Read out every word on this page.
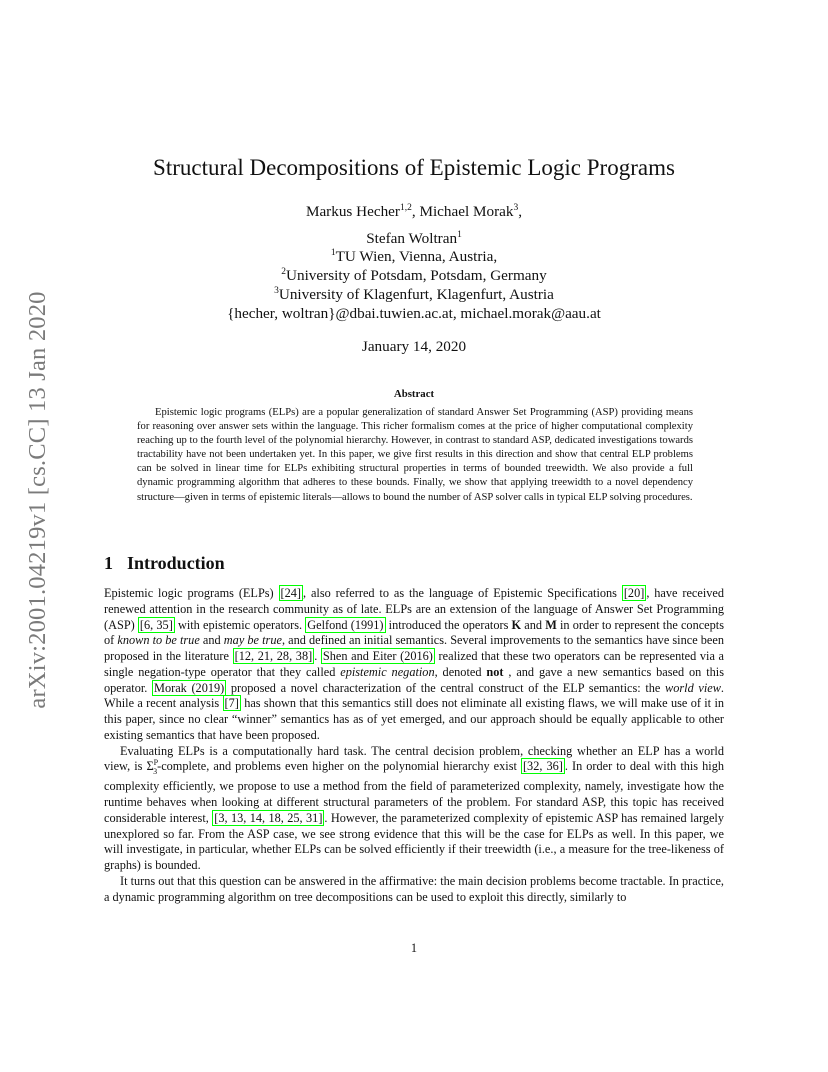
arXiv:2001.04219v1 [cs.CC] 13 Jan 2020
Structural Decompositions of Epistemic Logic Programs
Markus Hecher$^{1,2}$, Michael Morak$^3$,
Stefan Woltran$^1$
$^1$TU Wien, Vienna, Austria,
$^2$University of Potsdam, Potsdam, Germany
$^3$University of Klagenfurt, Klagenfurt, Austria
{hecher, woltran}@dbai.tuwien.ac.at, michael.morak@aau.at
January 14, 2020
Abstract
Epistemic logic programs (ELPs) are a popular generalization of standard Answer Set Programming (ASP) providing means for reasoning over answer sets within the language. This richer formalism comes at the price of higher computational complexity reaching up to the fourth level of the polynomial hierarchy. However, in contrast to standard ASP, dedicated investigations towards tractability have not been undertaken yet. In this paper, we give first results in this direction and show that central ELP problems can be solved in linear time for ELPs exhibiting structural properties in terms of bounded treewidth. We also provide a full dynamic programming algorithm that adheres to these bounds. Finally, we show that applying treewidth to a novel dependency structure—given in terms of epistemic literals—allows to bound the number of ASP solver calls in typical ELP solving procedures.
1 Introduction

Epistemic logic programs (ELPs) [24] , also referred to as the language of Epistemic Specifications [20] , have received renewed attention in the research community as of late. ELPs are an extension of the language of Answer Set Programming (ASP) [6, 35] with epistemic operators. Gelfond (1991) introduced the operators K and M in order to represent the concepts of known to be true and may be true, and defined an initial semantics. Several improvements to the semantics have since been proposed in the literature [12, 21, 28, 38] . Shen and Eiter (2016) realized that these two operators can be represented via a single negation-type operator that they called epistemic negation, denoted not , and gave a new semantics based on this operator. Morak (2019) proposed a novel characterization of the central construct of the ELP semantics: the world view. While a recent analysis [7] has shown that this semantics still does not eliminate all existing flaws, we will make use of it in this paper, since no clear “winner” semantics has as of yet emerged, and our approach should be equally applicable to other existing semantics that have been proposed.

Evaluating ELPs is a computationally hard task. The central decision problem, checking whether an ELP has a world view, is $\Sigma^P_3$-complete, and problems even higher on the polynomial hierarchy exist [32, 36] . In order to deal with this high complexity efficiently, we propose to use a method from the field of parameterized complexity, namely, investigate how the runtime behaves when looking at different structural parameters of the problem. For standard ASP, this topic has received considerable interest, [3, 13, 14, 18, 25, 31] . However, the parameterized complexity of epistemic ASP has remained largely unexplored so far. From the ASP case, we see strong evidence that this will be the case for ELPs as well. In this paper, we will investigate, in particular, whether ELPs can be solved efficiently if their treewidth (i.e., a measure for the tree-likeness of graphs) is bounded.

It turns out that this question can be answered in the affirmative: the main decision problems become tractable. In practice, a dynamic programming algorithm on tree decompositions can be used to exploit this directly, similarly to

1
